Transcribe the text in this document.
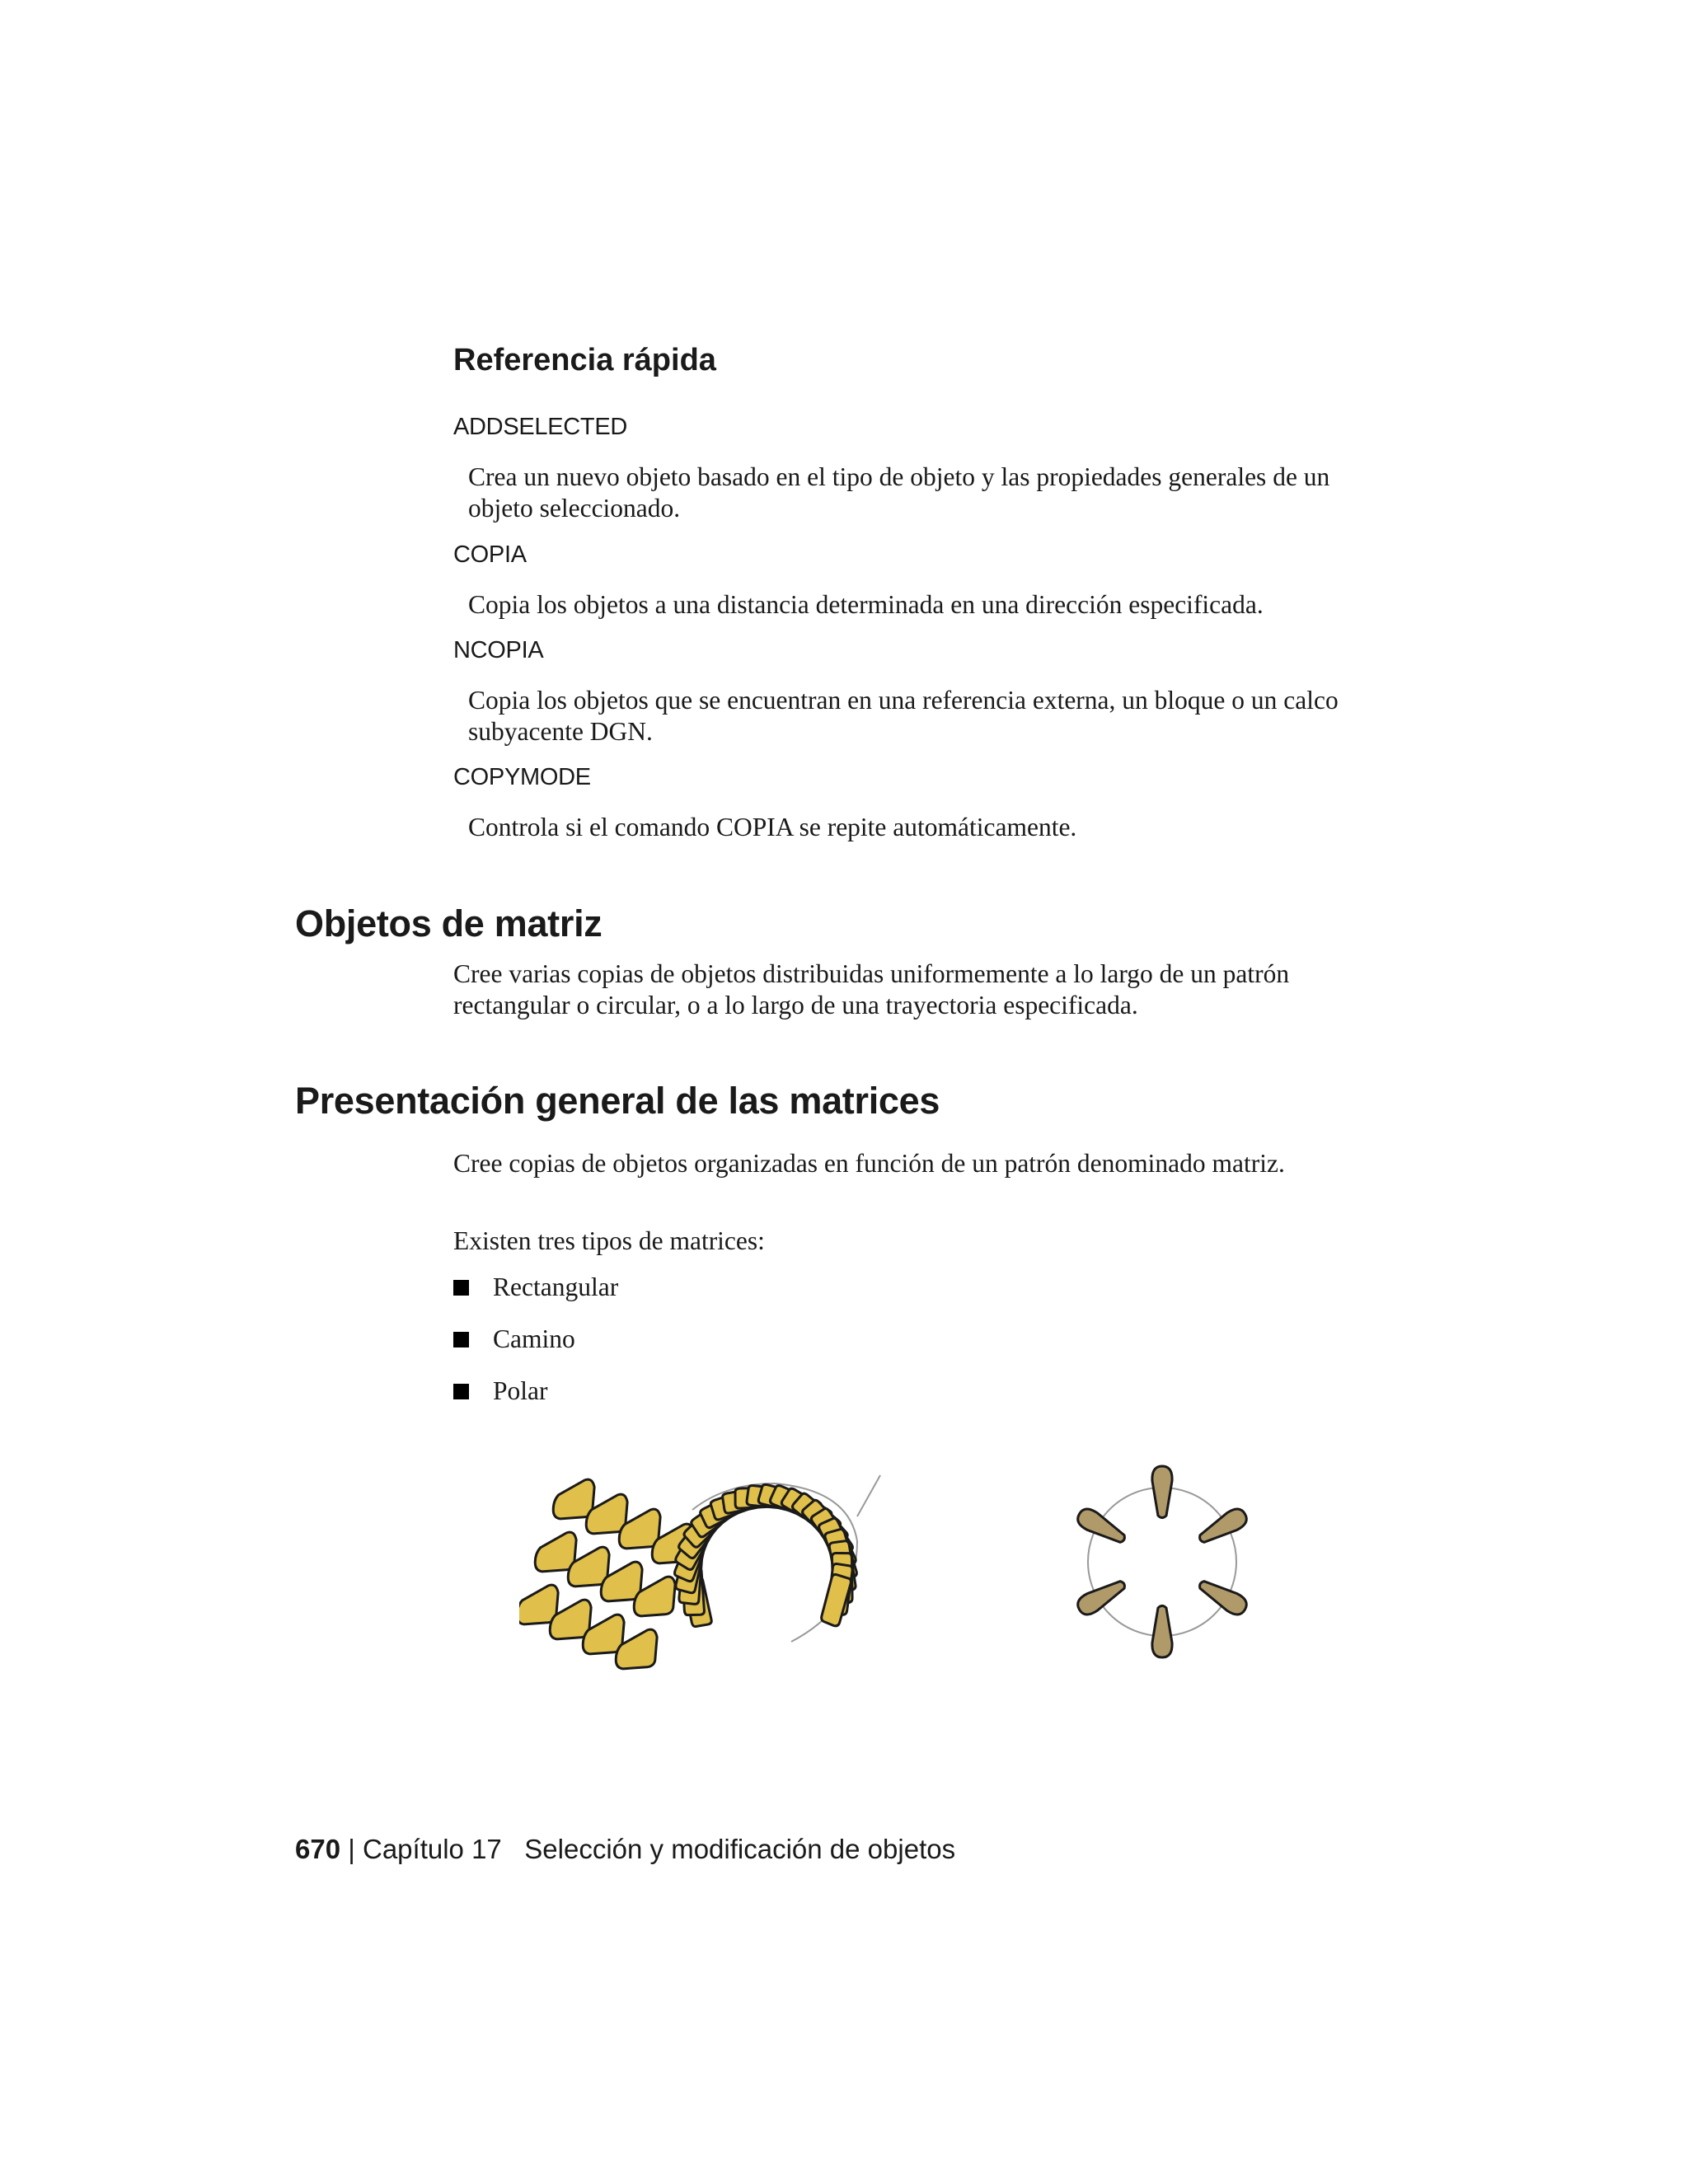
Referencia rápida
ADDSELECTED

Crea un nuevo objeto basado en el tipo de objeto y las propiedades generales de un objeto seleccionado.

COPIA

Copia los objetos a una distancia determinada en una dirección especificada.

NCOPIA

Copia los objetos que se encuentran en una referencia externa, un bloque o un calco subyacente DGN.

COPYMODE

Controla si el comando COPIA se repite automáticamente.

Objetos de matriz

Cree varias copias de objetos distribuidas uniformemente a lo largo de un patrón rectangular o circular, o a lo largo de una trayectoria especificada.

Presentación general de las matrices

Cree copias de objetos organizadas en función de un patrón denominado matriz.

Existen tres tipos de matrices:

Rectangular
Camino
Polar
670 | Capítulo 17 Selección y modificación de objetos
